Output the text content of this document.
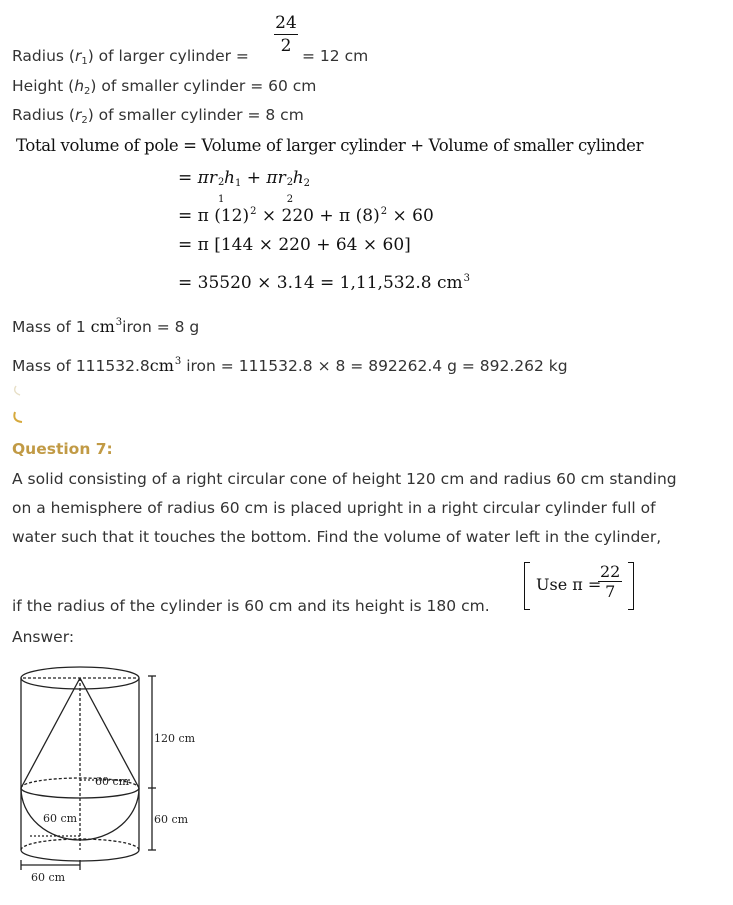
$\frac{24}{2}$
Radius $(r_1)$ of larger cylinder =	= 12 cm
Height $(h_2)$ of smaller cylinder = 60 cm
Radius $(r_2)$ of smaller cylinder = 8 cm
Total volume of pole = Volume of larger cylinder + Volume of smaller cylinder
= πr 2
1
$h_1 + \pi r$ 2
2
$h_2$
= π $(12)^2 \times 220 + \pi$ $(8)^2 \times 60$
= π [144 × 220 + 64 × 60]
= 35520 × 3.14 = 1,11,532.8 $cm^3$
Mass of 1 $cm^3iron = 8$ g
Mass of $111532.8cm^3$ iron = 111532.8 × 8 = 892262.4 g = 892.262 kg
Question 7:
A solid consisting of a right circular cone of height 120 cm and radius 60 cm standing
on a hemisphere of radius 60 cm is placed upright in a right circular cylinder full of
water such that it touches the bottom. Find the volume of water left in the cylinder,
if the radius of the cylinder is 60 cm and its height is 180 cm.
Use π =
$\frac{22}{7}$
Answer:
120 cm
60 cm
60 cm
60 cm
60 cm
